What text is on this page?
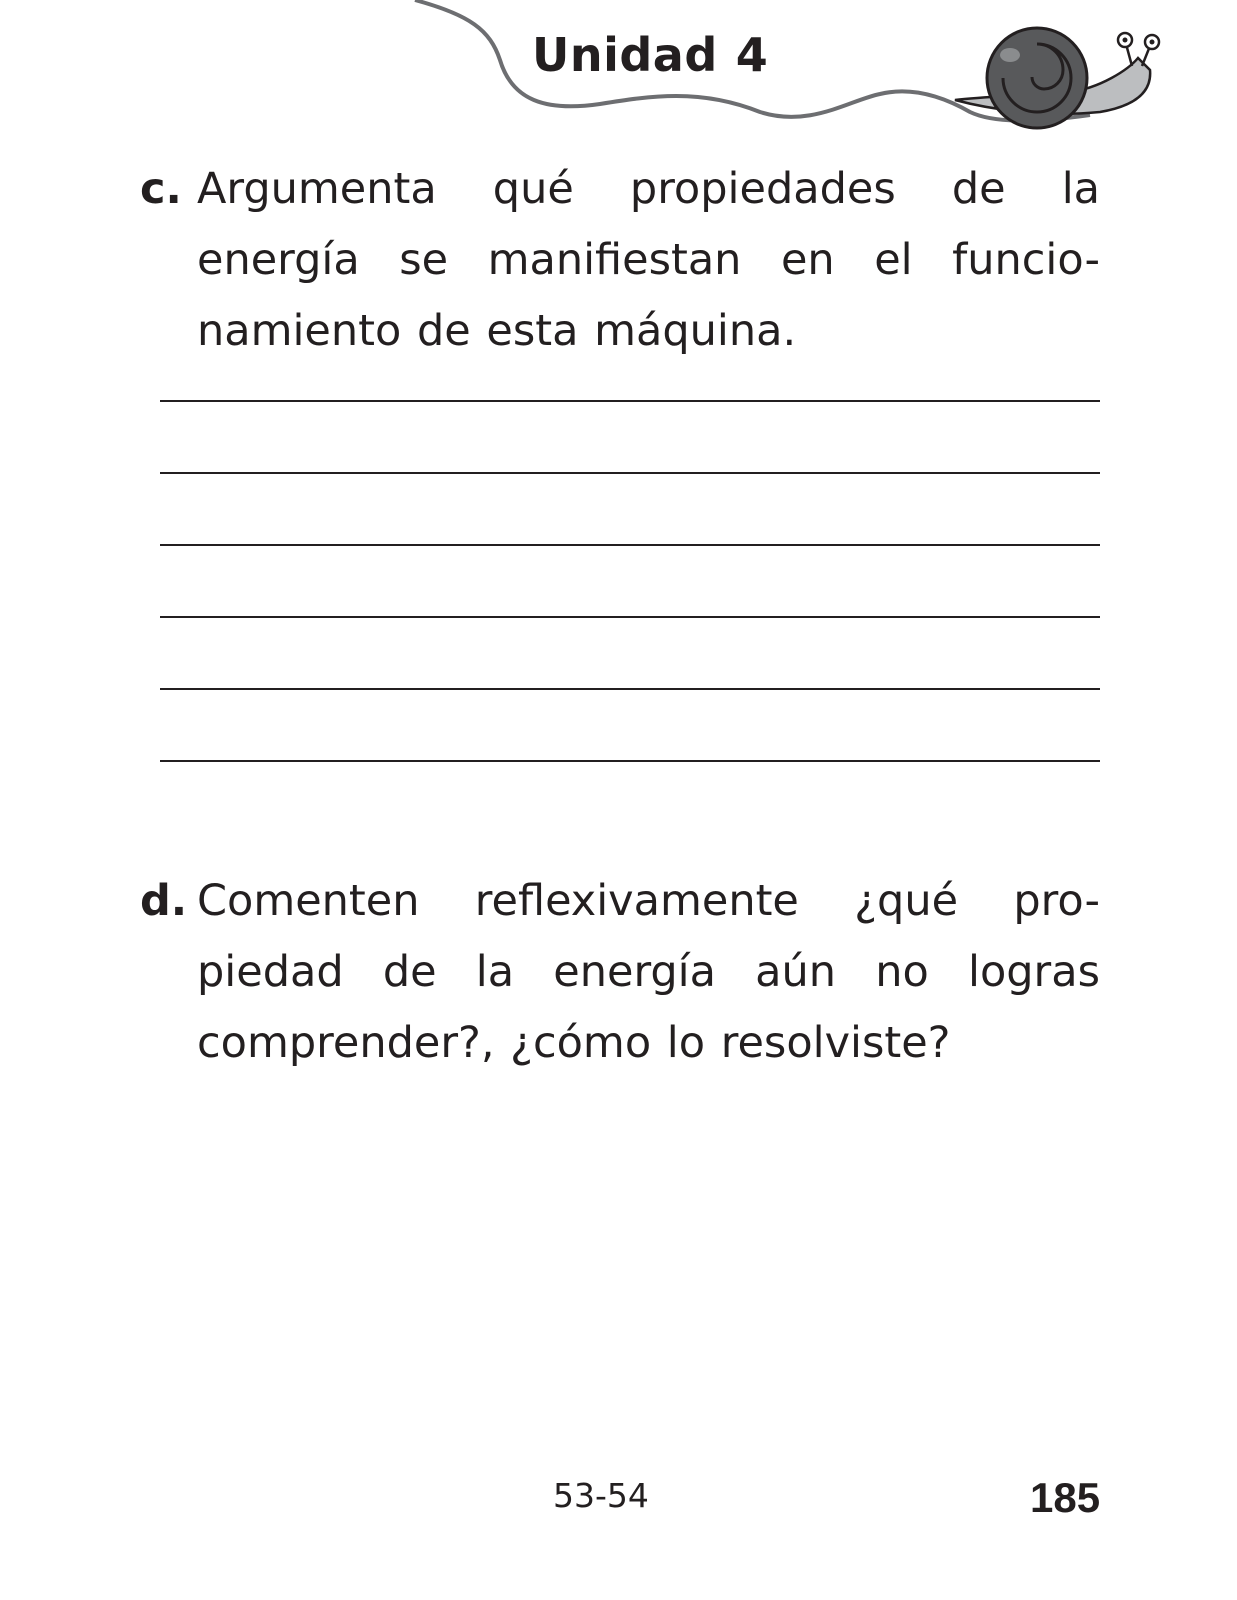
Unidad 4
c. Argumenta qué propiedades de la energía se manifiestan en el funcio-namiento de esta máquina.
d. Comenten reflexivamente ¿qué pro-piedad de la energía aún no logras comprender?, ¿cómo lo resolviste?
53-54	185
